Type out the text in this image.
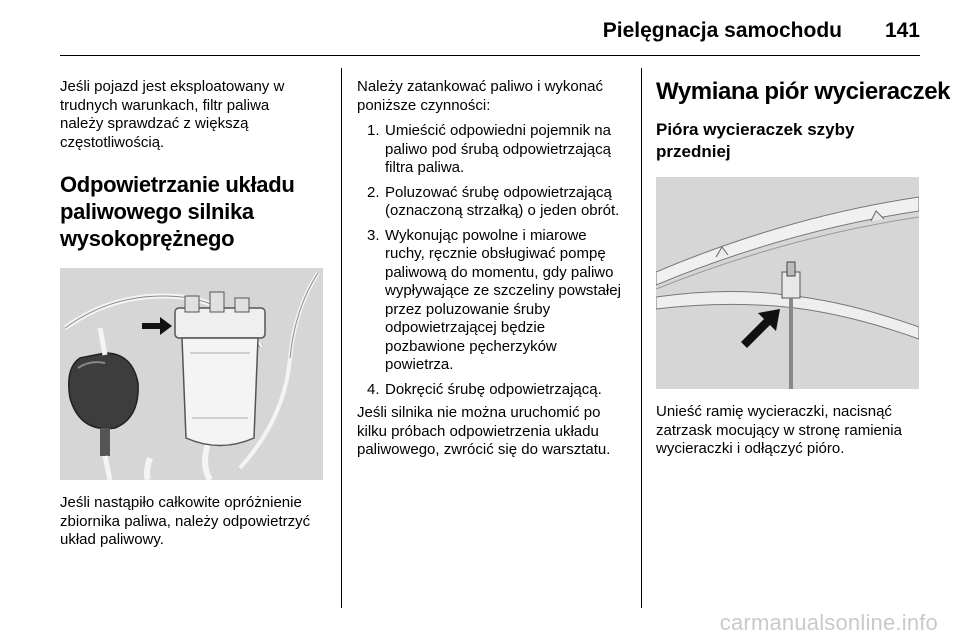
Pielęgnacja samochodu 141

Jeśli pojazd jest eksploatowany w trudnych warunkach, filtr paliwa należy sprawdzać z większą częstotliwością.

Odpowietrzanie układu paliwowego silnika wysokoprężnego

Jeśli nastąpiło całkowite opróżnienie zbiornika paliwa, należy odpowietrzyć układ paliwowy.

Należy zatankować paliwo i wykonać poniższe czynności:

1. Umieścić odpowiedni pojemnik na paliwo pod śrubą odpowietrzającą filtra paliwa.
2. Poluzować śrubę odpowietrzającą (oznaczoną strzałką) o jeden obrót.
3. Wykonując powolne i miarowe ruchy, ręcznie obsługiwać pompę paliwową do momentu, gdy paliwo wypływające ze szczeliny powstałej przez poluzowanie śruby odpowietrzającej będzie pozbawione pęcherzyków powietrza.
4. Dokręcić śrubę odpowietrzającą.

Jeśli silnika nie można uruchomić po kilku próbach odpowietrzenia układu paliwowego, zwrócić się do warsztatu.

Wymiana piór wycieraczek
Pióra wycieraczek szyby przedniej

Unieść ramię wycieraczki, nacisnąć zatrzask mocujący w stronę ramienia wycieraczki i odłączyć pióro.

carmanualsonline.info
